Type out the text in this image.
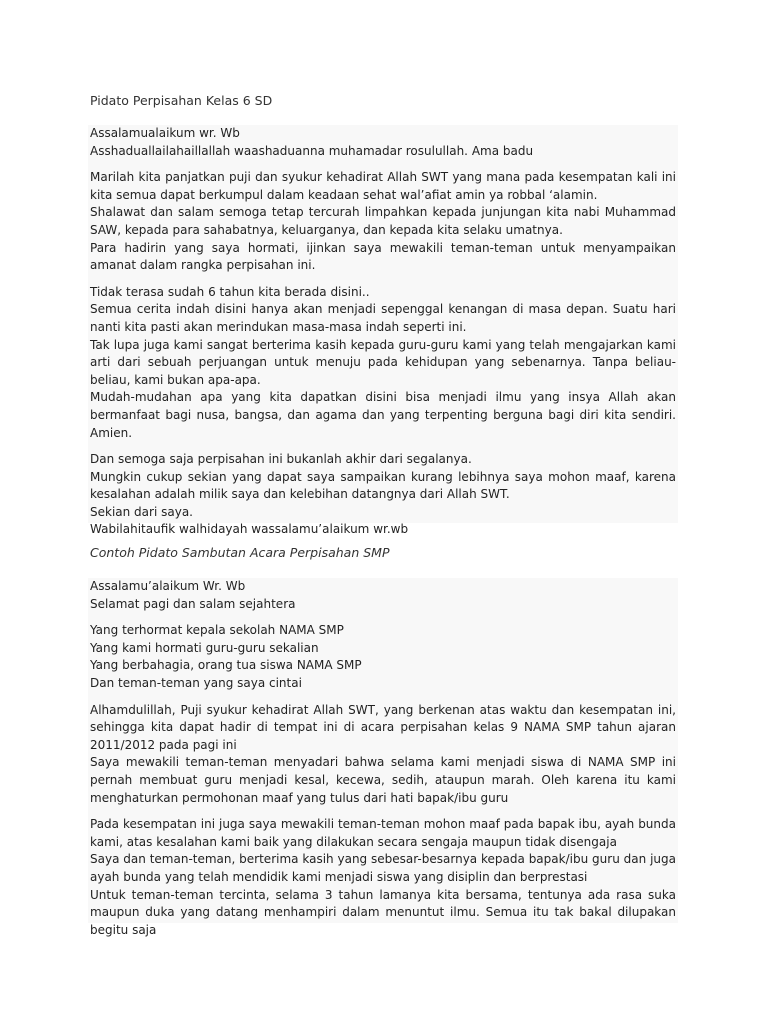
Pidato Perpisahan Kelas 6 SD

Assalamualaikum wr. Wb
Asshaduallailahaillallah waashaduanna muhamadar rosulullah. Ama badu

Marilah kita panjatkan puji dan syukur kehadirat Allah SWT yang mana pada kesempatan kali ini kita semua dapat berkumpul dalam keadaan sehat wal’afiat amin ya robbal ‘alamin.
Shalawat dan salam semoga tetap tercurah limpahkan kepada junjungan kita nabi Muhammad SAW, kepada para sahabatnya, keluarganya, dan kepada kita selaku umatnya.
Para hadirin yang saya hormati, ijinkan saya mewakili teman-teman untuk menyampaikan amanat dalam rangka perpisahan ini.

Tidak terasa sudah 6 tahun kita berada disini..
Semua cerita indah disini hanya akan menjadi sepenggal kenangan di masa depan. Suatu hari nanti kita pasti akan merindukan masa-masa indah seperti ini.
Tak lupa juga kami sangat berterima kasih kepada guru-guru kami yang telah mengajarkan kami arti dari sebuah perjuangan untuk menuju pada kehidupan yang sebenarnya. Tanpa beliau-beliau, kami bukan apa-apa.
Mudah-mudahan apa yang kita dapatkan disini bisa menjadi ilmu yang insya Allah akan bermanfaat bagi nusa, bangsa, dan agama dan yang terpenting berguna bagi diri kita sendiri. Amien.

Dan semoga saja perpisahan ini bukanlah akhir dari segalanya.
Mungkin cukup sekian yang dapat saya sampaikan kurang lebihnya saya mohon maaf, karena kesalahan adalah milik saya dan kelebihan datangnya dari Allah SWT.
Sekian dari saya.
Wabilahitaufik walhidayah wassalamu’alaikum wr.wb

Contoh Pidato Sambutan Acara Perpisahan SMP

Assalamu’alaikum Wr. Wb
Selamat pagi dan salam sejahtera

Yang terhormat kepala sekolah NAMA SMP
Yang kami hormati guru-guru sekalian
Yang berbahagia, orang tua siswa NAMA SMP
Dan teman-teman yang saya cintai

Alhamdulillah, Puji syukur kehadirat Allah SWT, yang berkenan atas waktu dan kesempatan ini, sehingga kita dapat hadir di tempat ini di acara perpisahan kelas 9 NAMA SMP tahun ajaran 2011/2012 pada pagi ini
Saya mewakili teman-teman menyadari bahwa selama kami menjadi siswa di NAMA SMP ini pernah membuat guru menjadi kesal, kecewa, sedih, ataupun marah. Oleh karena itu kami menghaturkan permohonan maaf yang tulus dari hati bapak/ibu guru

Pada kesempatan ini juga saya mewakili teman-teman mohon maaf pada bapak ibu, ayah bunda kami, atas kesalahan kami baik yang dilakukan secara sengaja maupun tidak disengaja
Saya dan teman-teman, berterima kasih yang sebesar-besarnya kepada bapak/ibu guru dan juga ayah bunda yang telah mendidik kami menjadi siswa yang disiplin dan berprestasi
Untuk teman-teman tercinta, selama 3 tahun lamanya kita bersama, tentunya ada rasa suka maupun duka yang datang menhampiri dalam menuntut ilmu. Semua itu tak bakal dilupakan begitu saja
